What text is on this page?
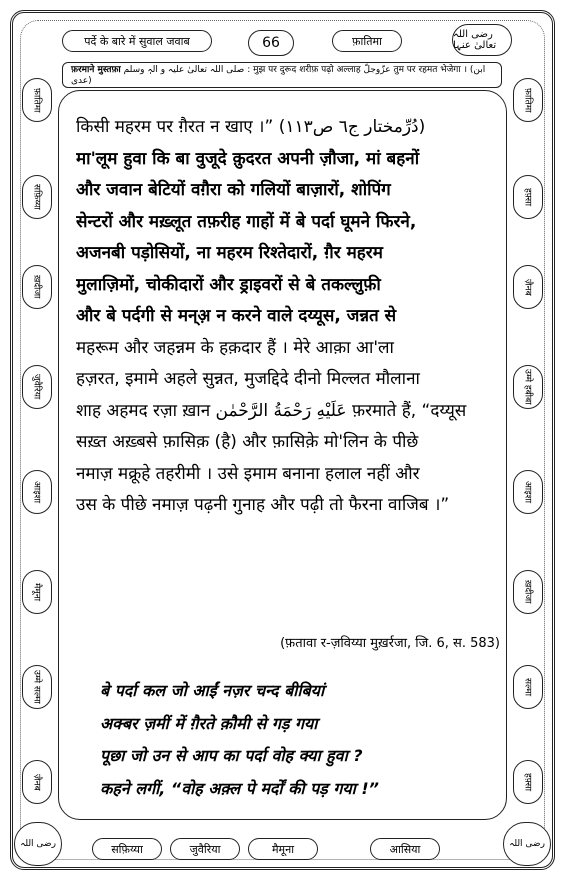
पर्दे के बारे में सुवाल जवाब	66	फ़ातिमा	رضی اللہ تعالیٰ عنہا
फ़रमाने मुस्तफ़ा صلی اللہ تعالیٰ علیہ و الہٖ وسلم : मुझ पर दुरूद शरीफ़ पढ़ो अल्लाह عزّوجلّ तुम पर रहमत भेजेगा । (ابن عدی)
फ़ातिमा
सफ़िय्या
ख़दीजा
जुवैरिया
आइशा
मैमूना
उम्मे सल्मा
ज़ैनब
फ़ातिमा
हफ़्सा
ज़ैनब
उम्मे हबीबा
आइशा
ख़दीजा
सल्मा
हफ़्सा
किसी महरम पर ग़ैरत न खाए ।” (دُرِّمختار ج٦ ص١١٣)
मा'लूम हुवा कि बा वुजूदे क़ुदरत अपनी ज़ौजा, मां बहनों
और जवान बेटियों वग़ैरा को गलियों बाज़ारों, शोपिंग
सेन्टरों और मख़्लूत तफ़रीह गाहों में बे पर्दा घूमने फिरने,
अजनबी पड़ोसियों, ना महरम रिश्तेदारों, ग़ैर महरम
मुलाज़िमों, चोकीदारों और ड्राइवरों से बे तकल्लुफ़ी
और बे पर्दगी से मन्अ़ न करने वाले दय्यूस, जन्नत से
महरूम और जहन्नम के हक़दार हैं । मेरे आक़ा आ'ला
हज़रत, इमामे अहले सुन्नत, मुजद्दिदे दीनो मिल्लत मौलाना
शाह अहमद रज़ा ख़ान عَلَيْهِ رَحْمَةُ الرَّحْمٰن फ़रमाते हैं, “दय्यूस
सख़्त अख़्बसे फ़ासिक़ (है) और फ़ासिक़े मो'लिन के पीछे
नमाज़ मक्रूहे तहरीमी । उसे इमाम बनाना हलाल नहीं और
उस के पीछे नमाज़ पढ़नी गुनाह और पढ़ी तो फैरना वाजिब ।”
(फ़तावा र-ज़विय्या मुख़र्रजा, जि. 6, स. 583)
बे पर्दा कल जो आईं नज़र चन्द बीबियां
अक्बर ज़मीं में ग़ैरते क़ौमी से गड़ गया
पूछा जो उन से आप का पर्दा वोह क्या हुवा ?
कहने लगीं, “वोह अक़्ल पे मर्दों की पड़ गया !”
رضی اللہ	सफ़िय्या	जुवैरिया	मैमूना	आसिया	رضی اللہ
